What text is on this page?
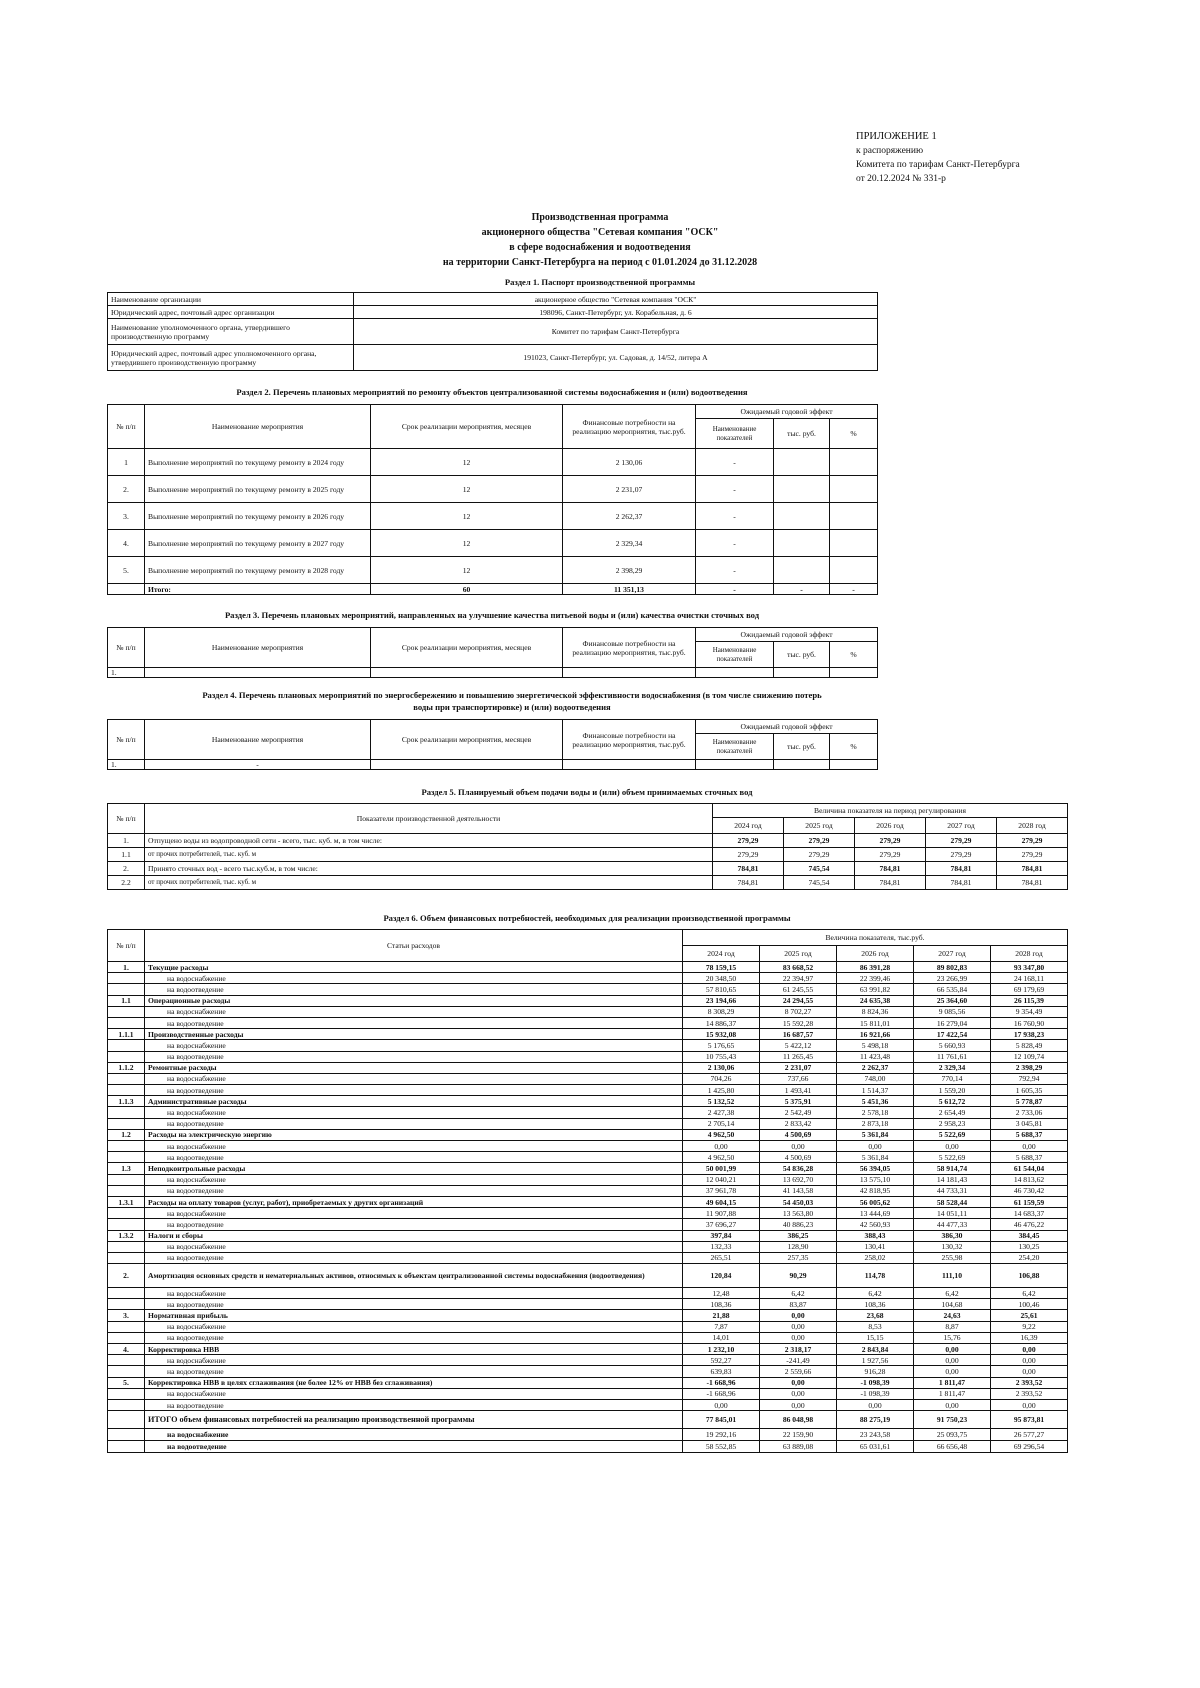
ПРИЛОЖЕНИЕ 1
к распоряжению
Комитета по тарифам Санкт-Петербурга
от 20.12.2024 № 331-р
Производственная программа
акционерного общества "Сетевая компания "ОСК"
в сфере водоснабжения и водоотведения
на территории Санкт-Петербурга на период с 01.01.2024 до 31.12.2028
Раздел 1. Паспорт производственной программы
Наименование организации	акционерное общество "Сетевая компания "ОСК"
Юридический адрес, почтовый адрес организации	198096, Санкт-Петербург, ул. Корабельная, д. 6
Наименование уполномоченного органа, утвердившего производственную программу	Комитет по тарифам Санкт-Петербурга
Юридический адрес, почтовый адрес уполномоченного органа, утвердившего производственную программу	191023, Санкт-Петербург, ул. Садовая, д. 14/52, литера А
Раздел 2. Перечень плановых мероприятий по ремонту объектов централизованной системы водоснабжения и (или) водоотведения
№ п/п	Наименование мероприятия	Срок реализации мероприятия, месяцев	Финансовые потребности на реализацию мероприятия, тыс.руб.	Ожидаемый годовой эффект		
				Наименование показателей	тыс. руб.	%
1	Выполнение мероприятий по текущему ремонту в 2024 году	12	2 130,06	-		
2.	Выполнение мероприятий по текущему ремонту в 2025 году	12	2 231,07	-		
3.	Выполнение мероприятий по текущему ремонту в 2026 году	12	2 262,37	-		
4.	Выполнение мероприятий по текущему ремонту в 2027 году	12	2 329,34	-		
5.	Выполнение мероприятий по текущему ремонту в 2028 году	12	2 398,29	-		
	Итого:	60	11 351,13	-	-	-
Раздел 3. Перечень плановых мероприятий, направленных на улучшение качества питьевой воды и (или) качества очистки сточных вод
№ п/п	Наименование мероприятия	Срок реализации мероприятия, месяцев	Финансовые потребности на реализацию мероприятия, тыс.руб.	Ожидаемый годовой эффект		
				Наименование показателей	тыс. руб.	%
1.						
Раздел 4. Перечень плановых мероприятий по энергосбережению и повышению энергетической эффективности водоснабжения (в том числе снижению потерь
воды при транспортировке) и (или) водоотведения
№ п/п	Наименование мероприятия	Срок реализации мероприятия, месяцев	Финансовые потребности на реализацию мероприятия, тыс.руб.	Ожидаемый годовой эффект		
				Наименование показателей	тыс. руб.	%
1.	-					
Раздел 5. Планируемый объем подачи воды и (или) объем принимаемых сточных вод
№ п/п	Показатели производственной деятельности	Величина показателя на период регулирования				
		2024 год	2025 год	2026 год	2027 год	2028 год
1.	Отпущено воды из водопроводной сети - всего, тыс. куб. м, в том числе:	279,29	279,29	279,29	279,29	279,29
1.1	от прочих потребителей, тыс. куб. м	279,29	279,29	279,29	279,29	279,29
2.	Принято сточных вод - всего тыс.куб.м, в том числе:	784,81	745,54	784,81	784,81	784,81
2.2	от прочих потребителей, тыс. куб. м	784,81	745,54	784,81	784,81	784,81
Раздел 6. Объем финансовых потребностей, необходимых для реализации производственной программы
№ п/п	Статьи расходов	Величина показателя, тыс.руб.				
		2024 год	2025 год	2026 год	2027 год	2028 год
1.	Текущие расходы	78 159,15	83 668,52	86 391,28	89 802,83	93 347,80
	на водоснабжение	20 348,50	22 394,97	22 399,46	23 266,99	24 168,11
	на водоотведение	57 810,65	61 245,55	63 991,82	66 535,84	69 179,69
1.1	Операционные расходы	23 194,66	24 294,55	24 635,38	25 364,60	26 115,39
	на водоснабжение	8 308,29	8 702,27	8 824,36	9 085,56	9 354,49
	на водоотведение	14 886,37	15 592,28	15 811,01	16 279,04	16 760,90
1.1.1	Производственные расходы	15 932,08	16 687,57	16 921,66	17 422,54	17 938,23
	на водоснабжение	5 176,65	5 422,12	5 498,18	5 660,93	5 828,49
	на водоотведение	10 755,43	11 265,45	11 423,48	11 761,61	12 109,74
1.1.2	Ремонтные расходы	2 130,06	2 231,07	2 262,37	2 329,34	2 398,29
	на водоснабжение	704,26	737,66	748,00	770,14	792,94
	на водоотведение	1 425,80	1 493,41	1 514,37	1 559,20	1 605,35
1.1.3	Административные расходы	5 132,52	5 375,91	5 451,36	5 612,72	5 778,87
	на водоснабжение	2 427,38	2 542,49	2 578,18	2 654,49	2 733,06
	на водоотведение	2 705,14	2 833,42	2 873,18	2 958,23	3 045,81
1.2	Расходы на электрическую энергию	4 962,50	4 500,69	5 361,84	5 522,69	5 688,37
	на водоснабжение	0,00	0,00	0,00	0,00	0,00
	на водоотведение	4 962,50	4 500,69	5 361,84	5 522,69	5 688,37
1.3	Неподконтрольные расходы	50 001,99	54 836,28	56 394,05	58 914,74	61 544,04
	на водоснабжение	12 040,21	13 692,70	13 575,10	14 181,43	14 813,62
	на водоотведение	37 961,78	41 143,58	42 818,95	44 733,31	46 730,42
1.3.1	Расходы на оплату товаров (услуг, работ), приобретаемых у других организаций	49 604,15	54 450,03	56 005,62	58 528,44	61 159,59
	на водоснабжение	11 907,88	13 563,80	13 444,69	14 051,11	14 683,37
	на водоотведение	37 696,27	40 886,23	42 560,93	44 477,33	46 476,22
1.3.2	Налоги и сборы	397,84	386,25	388,43	386,30	384,45
	на водоснабжение	132,33	128,90	130,41	130,32	130,25
	на водоотведение	265,51	257,35	258,02	255,98	254,20
2.	Амортизация основных средств и нематериальных активов, относимых к объектам централизованной системы водоснабжения (водоотведения)	120,84	90,29	114,78	111,10	106,88
	на водоснабжение	12,48	6,42	6,42	6,42	6,42
	на водоотведение	108,36	83,87	108,36	104,68	100,46
3.	Нормативная прибыль	21,88	0,00	23,68	24,63	25,61
	на водоснабжение	7,87	0,00	8,53	8,87	9,22
	на водоотведение	14,01	0,00	15,15	15,76	16,39
4.	Корректировка НВВ	1 232,10	2 318,17	2 843,84	0,00	0,00
	на водоснабжение	592,27	-241,49	1 927,56	0,00	0,00
	на водоотведение	639,83	2 559,66	916,28	0,00	0,00
5.	Корректировка НВВ в целях сглаживания (не более 12% от НВВ без сглаживания)	-1 668,96	0,00	-1 098,39	1 811,47	2 393,52
	на водоснабжение	-1 668,96	0,00	-1 098,39	1 811,47	2 393,52
	на водоотведение	0,00	0,00	0,00	0,00	0,00
	ИТОГО объем финансовых потребностей на реализацию производственной программы	77 845,01	86 048,98	88 275,19	91 750,23	95 873,81
	на водоснабжение	19 292,16	22 159,90	23 243,58	25 093,75	26 577,27
	на водоотведение	58 552,85	63 889,08	65 031,61	66 656,48	69 296,54
